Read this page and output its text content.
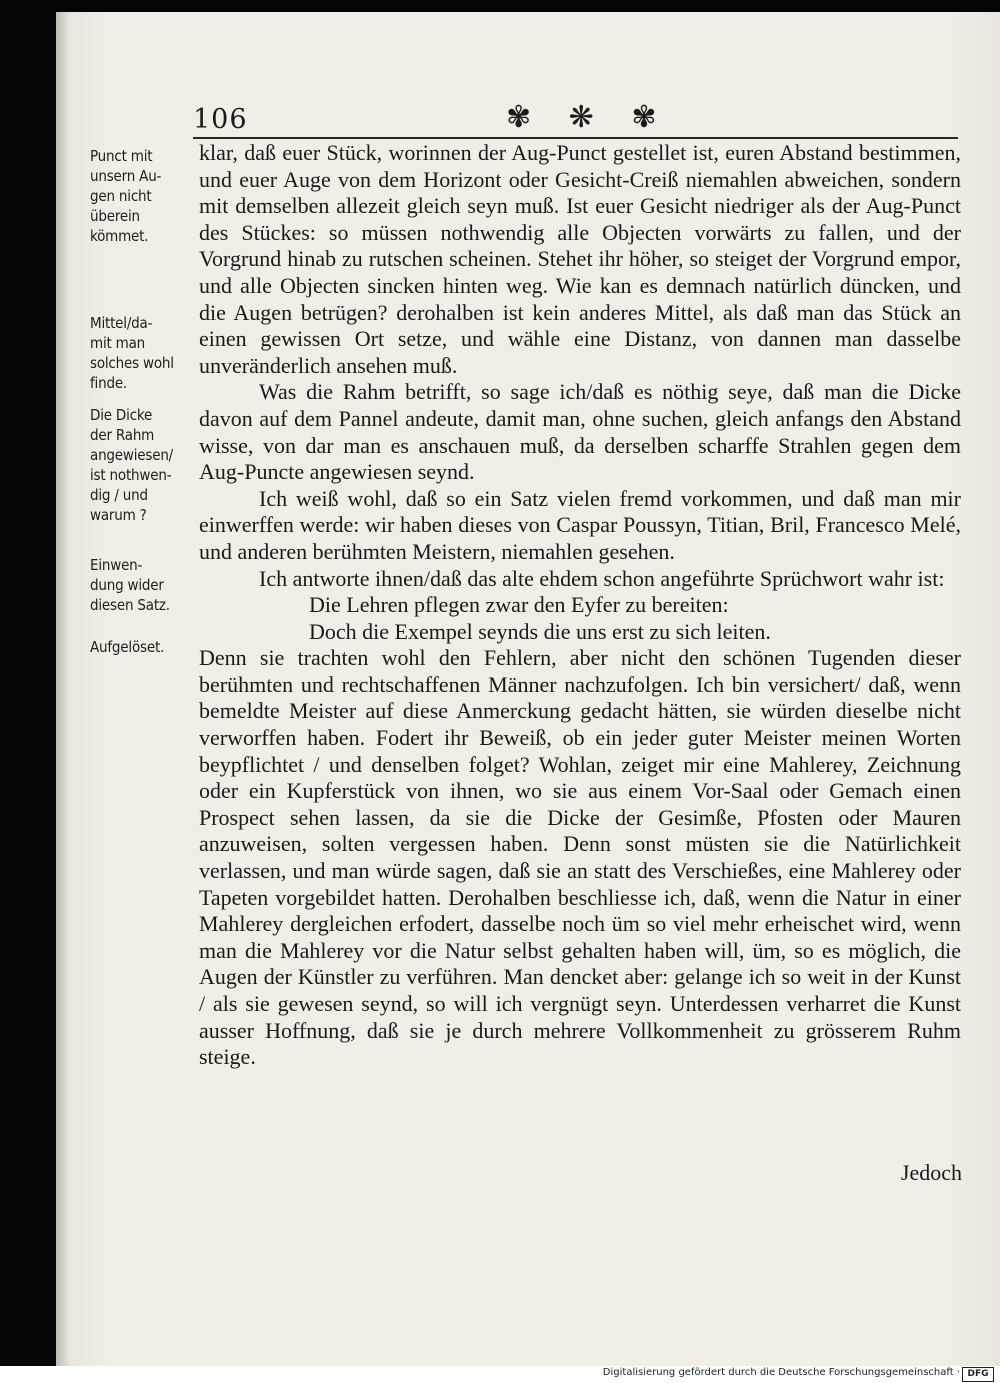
106	✾ ❋ ✾

Punct mit
unsern Au-
gen nicht
überein
kömmet.

Mittel/da-
mit man
solches wohl
finde.

Die Dicke
der Rahm
angewiesen/
ist nothwen-
dig / und
warum ?

Einwen-
dung wider
diesen Satz.

Aufgelöset.

klar, daß euer Stück, worinnen der Aug-Punct gestellet ist, euren Abstand bestimmen, und euer Auge von dem Horizont oder Gesicht-Creiß niemahlen abweichen, sondern mit demselben allezeit gleich seyn muß. Ist euer Gesicht niedriger als der Aug-Punct des Stückes: so müssen nothwendig alle Objecten vorwärts zu fallen, und der Vorgrund hinab zu rutschen scheinen. Stehet ihr höher, so steiget der Vorgrund empor, und alle Objecten sincken hinten weg. Wie kan es demnach natürlich düncken, und die Augen betrügen? derohalben ist kein anderes Mittel, als daß man das Stück an einen gewissen Ort setze, und wähle eine Distanz, von dannen man dasselbe unveränderlich ansehen muß.

Was die Rahm betrifft, so sage ich/daß es nöthig seye, daß man die Dicke davon auf dem Pannel andeute, damit man, ohne suchen, gleich anfangs den Abstand wisse, von dar man es anschauen muß, da derselben scharffe Strahlen gegen dem Aug-Puncte angewiesen seynd.

Ich weiß wohl, daß so ein Satz vielen fremd vorkommen, und daß man mir einwerffen werde: wir haben dieses von Caspar Poussyn, Titian, Bril, Francesco Melé, und anderen berühmten Meistern, niemahlen gesehen.

Ich antworte ihnen/daß das alte ehdem schon angeführte Sprüchwort wahr ist:

Die Lehren pflegen zwar den Eyfer zu bereiten:
Doch die Exempel seynds die uns erst zu sich leiten.

Denn sie trachten wohl den Fehlern, aber nicht den schönen Tugenden dieser berühmten und rechtschaffenen Männer nachzufolgen. Ich bin versichert/ daß, wenn bemeldte Meister auf diese Anmerckung gedacht hätten, sie würden dieselbe nicht verworffen haben. Fodert ihr Beweiß, ob ein jeder guter Meister meinen Worten beypflichtet / und denselben folget? Wohlan, zeiget mir eine Mahlerey, Zeichnung oder ein Kupferstück von ihnen, wo sie aus einem Vor-Saal oder Gemach einen Prospect sehen lassen, da sie die Dicke der Gesimße, Pfosten oder Mauren anzuweisen, solten vergessen haben. Denn sonst müsten sie die Natürlichkeit verlassen, und man würde sagen, daß sie an statt des Verschießes, eine Mahlerey oder Tapeten vorgebildet hatten. Derohalben beschliesse ich, daß, wenn die Natur in einer Mahlerey dergleichen erfodert, dasselbe noch üm so viel mehr erheischet wird, wenn man die Mahlerey vor die Natur selbst gehalten haben will, üm, so es möglich, die Augen der Künstler zu verführen. Man dencket aber: gelange ich so weit in der Kunst / als sie gewesen seynd, so will ich vergnügt seyn. Unterdessen verharret die Kunst ausser Hoffnung, daß sie je durch mehrere Vollkommenheit zu grösserem Ruhm steige.

Jedoch
Digitalisierung gefördert durch die Deutsche Forschungsgemeinschaft · DFG
